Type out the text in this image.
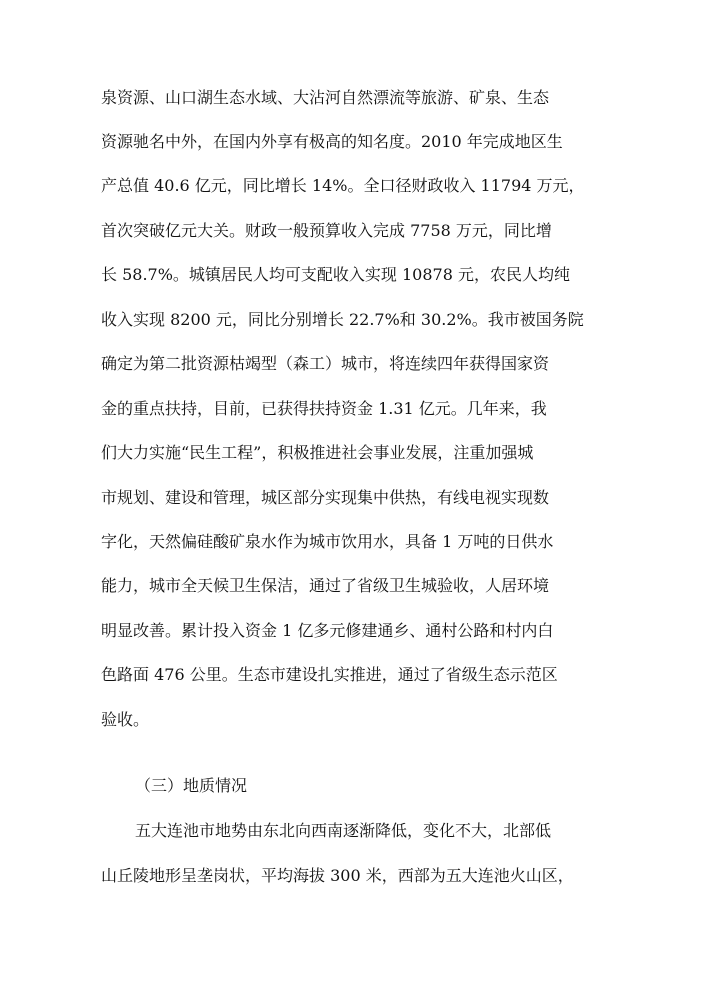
泉资源、山口湖生态水域、大沾河自然漂流等旅游、矿泉、生态
资源驰名中外，在国内外享有极高的知名度。2010 年完成地区生
产总值 40.6 亿元，同比增长 14%。全口径财政收入 11794 万元，
首次突破亿元大关。财政一般预算收入完成 7758 万元，同比增
长 58.7%。城镇居民人均可支配收入实现 10878 元，农民人均纯
收入实现 8200 元，同比分别增长 22.7%和 30.2%。我市被国务院
确定为第二批资源枯竭型（森工）城市，将连续四年获得国家资
金的重点扶持，目前，已获得扶持资金 1.31 亿元。几年来，我
们大力实施“民生工程”，积极推进社会事业发展，注重加强城
市规划、建设和管理，城区部分实现集中供热，有线电视实现数
字化，天然偏硅酸矿泉水作为城市饮用水，具备 1 万吨的日供水
能力，城市全天候卫生保洁，通过了省级卫生城验收，人居环境
明显改善。累计投入资金 1 亿多元修建通乡、通村公路和村内白
色路面 476 公里。生态市建设扎实推进，通过了省级生态示范区
验收。
（三）地质情况
五大连池市地势由东北向西南逐渐降低，变化不大，北部低
山丘陵地形呈垄岗状，平均海拔 300 米，西部为五大连池火山区，
